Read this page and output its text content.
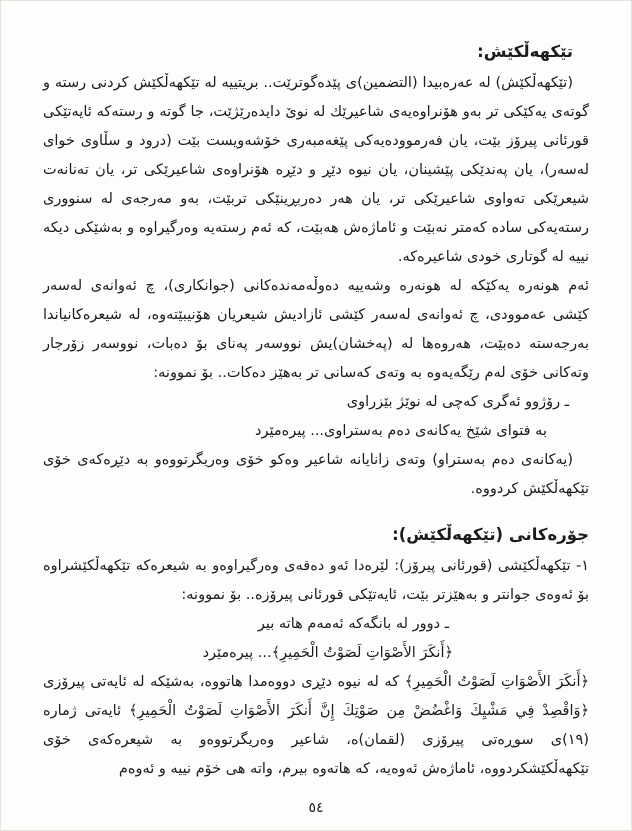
تێكهەڵكێش:

(تێكهەڵكێش) له عەرەبیدا (التضمین)ی پێدەگوترێت.. بریتییه له تێكهەڵكێش كردنی رسته و گوتەی یەكێكی تر بەو هۆنراوەیەی شاعیرێك له نوێ دایدەرێژێت، جا گوته و رستەكه ئایەتێكی قورئانی پیرۆز بێت، یان فەرموودەیەكی پێغەمبەری خۆشەویست بێت (درود و سڵاوی خوای لەسەر)، یان پەندێكی پێشینان، یان نیوه دێڕ و دێڕه هۆنراوەی شاعیرێكی تر، یان تەنانەت شیعرێكی تەواوی شاعیرێكی تر، یان هەر دەربڕینێكی تربێت، بەو مەرجەی له سنووری رستەیەكی ساده كەمتر نەبێت و ئاماژەش هەبێت، كه ئەم رستەیه وەرگیراوه و بەشێكی دیكه نییه له گوتاری خودی شاعیرەكه.

ئەم هونەره یەكێكه له هونەره وشەییه دەوڵەمەندەكانی (جوانكاری)، چ ئەوانەی لەسەر كێشی عەموودی، چ ئەوانەی لەسەر كێشی ئازادیش شیعریان هۆنیبێتەوه، له شیعرەكانیاندا بەرجەسته دەبێت، هەروەها له (پەخشان)یش نووسەر پەنای بۆ دەبات، نووسەر زۆرجار وتەكانی خۆی لەم رێگەیەوه به وتەی كەسانی تر بەهێز دەكات.. بۆ نموونه:

ـ رۆژوو ئەگری كەچی له نوێژ بێزراوی
به فتوای شێخ یەكانەی دەم بەستراوی... پیرەمێرد

(یەكانەی دەم بەستراو) وتەی زانایانه شاعیر وەكو خۆی وەریگرتووەو به دێڕەكەی خۆی تێكهەڵكێش كردووه.

جۆرەكانی (تێكهەڵكێش):

١- تێكهەڵكێشی (قورئانی پیرۆز): لێرەدا ئەو دەقەی وەرگیراوەو به شیعرەكه تێكهەڵكێشراوه بۆ ئەوەی جوانتر و بەهێزتر بێت، ئایەتێكی قورئانی پیرۆزه.. بۆ نموونه:

ـ دوور له بانگەكه ئەمەم هاته بیر
﴿أَنكَرَ الأَصْوَاتِ لَصَوْتُ الْحَمِيرِ﴾... پیرەمێرد

﴿أَنكَرَ الأَصْوَاتِ لَصَوْتُ الْحَمِيرِ﴾ كه له نیوه دێڕی دووەمدا هاتووه، بەشێكه له ئایەتی پیرۆزی ﴿وَاقْصِدْ فِي مَشْيِكَ وَاغْضُضْ مِن صَوْتِكَ إِنَّ أَنكَرَ الأَصْوَاتِ لَصَوْتُ الْحَمِيرِ﴾ ئایەتی ژماره (١٩)ی سوڕەتی پیرۆزی (لقمان)ه، شاعیر وەریگرتووەو به شیعرەكەی خۆی تێكهەڵكێشكردووه، ئاماژەش ئەوەیه، كه هاتەوه بیرم، واته هی خۆم نییه و ئەوەم

٥٤
